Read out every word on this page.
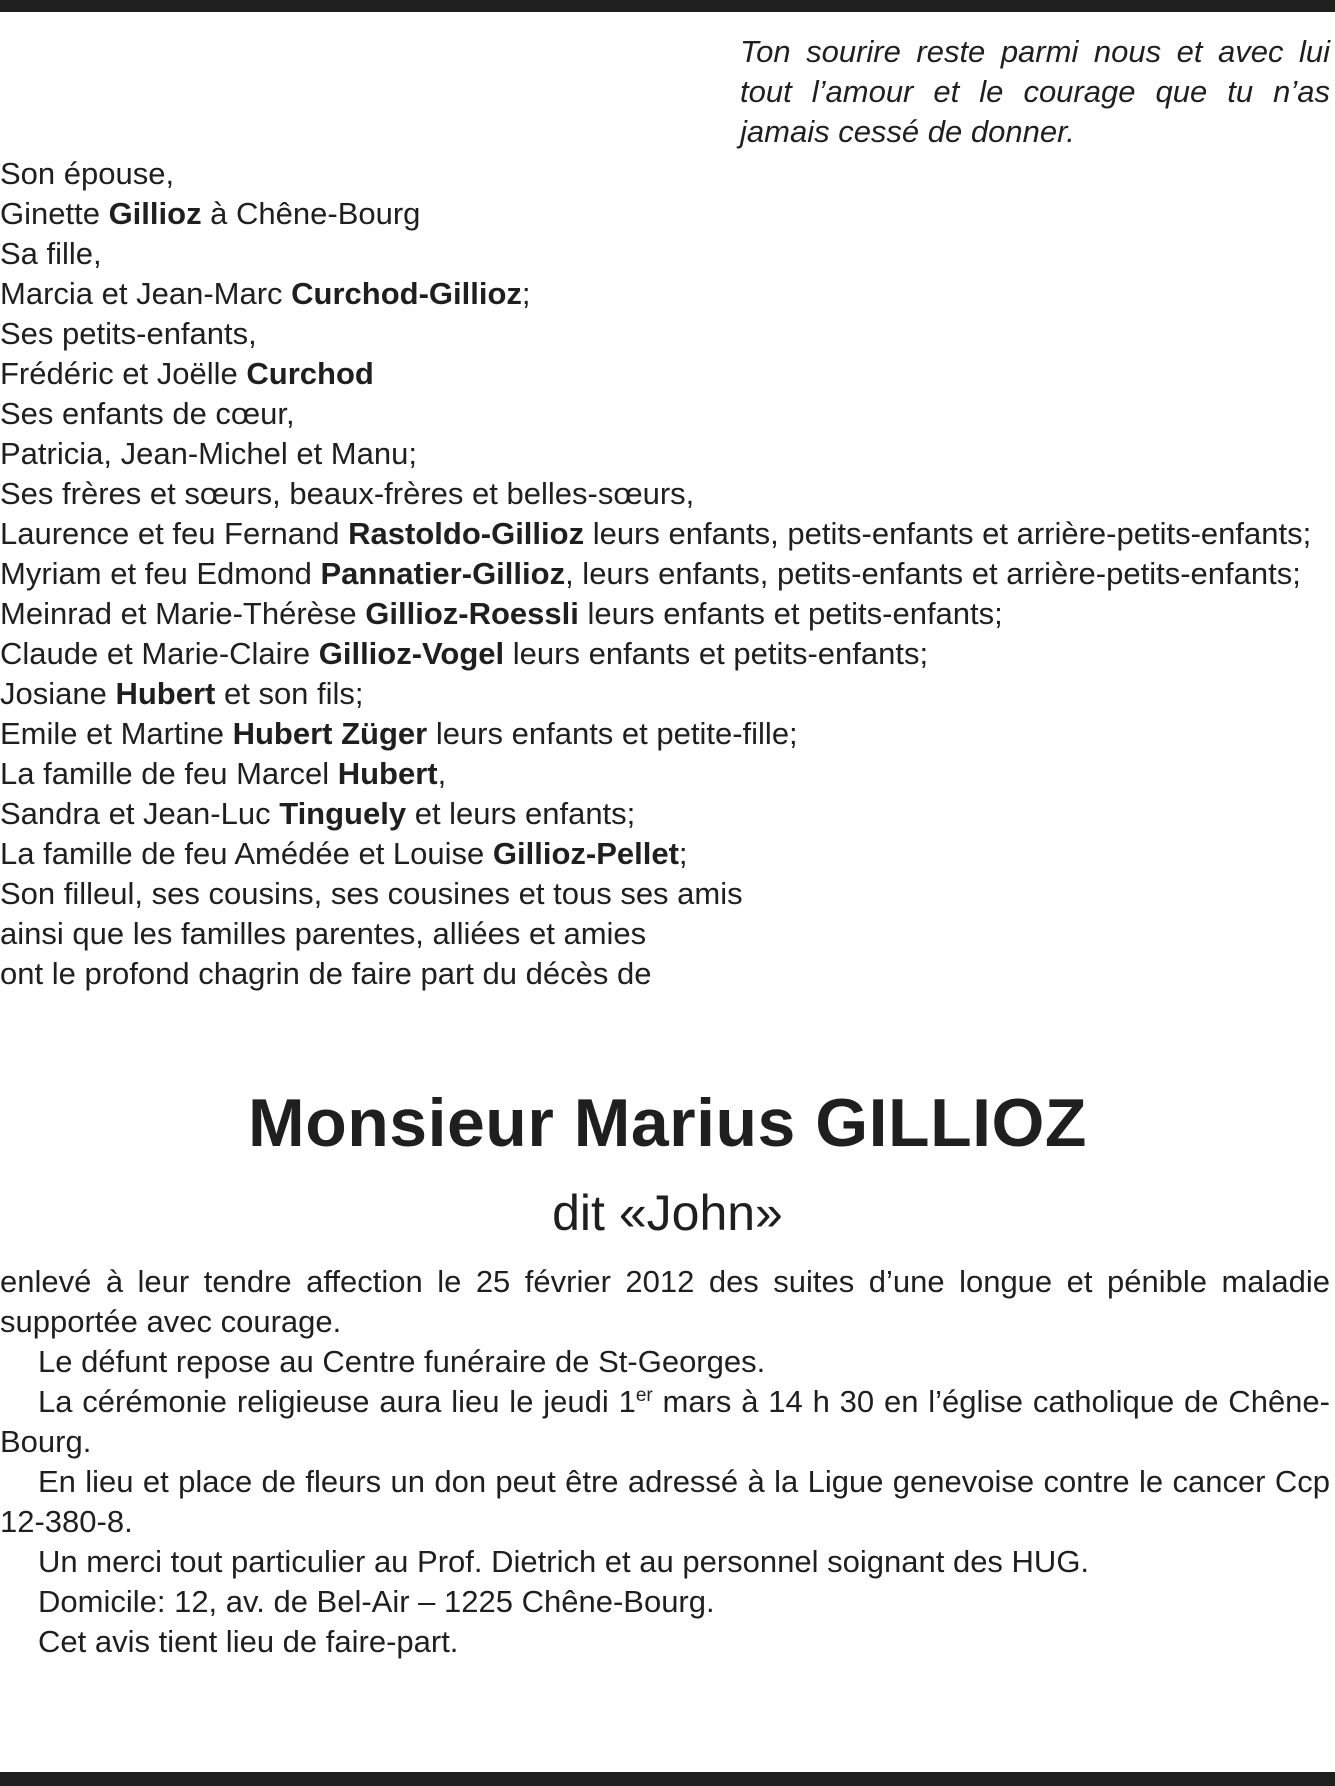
Ton sourire reste parmi nous et avec lui
tout l’amour et le courage que tu n’as
jamais cessé de donner.
Son épouse,
Ginette Gillioz à Chêne-Bourg
Sa fille,
Marcia et Jean-Marc Curchod-Gillioz;
Ses petits-enfants,
Frédéric et Joëlle Curchod
Ses enfants de cœur,
Patricia, Jean-Michel et Manu;
Ses frères et sœurs, beaux-frères et belles-sœurs,
Laurence et feu Fernand Rastoldo-Gillioz leurs enfants, petits-enfants et arrière-petits-enfants;
Myriam et feu Edmond Pannatier-Gillioz, leurs enfants, petits-enfants et arrière-petits-enfants;
Meinrad et Marie-Thérèse Gillioz-Roessli leurs enfants et petits-enfants;
Claude et Marie-Claire Gillioz-Vogel leurs enfants et petits-enfants;
Josiane Hubert et son fils;
Emile et Martine Hubert Züger leurs enfants et petite-fille;
La famille de feu Marcel Hubert,
Sandra et Jean-Luc Tinguely et leurs enfants;
La famille de feu Amédée et Louise Gillioz-Pellet;
Son filleul, ses cousins, ses cousines et tous ses amis
ainsi que les familles parentes, alliées et amies
ont le profond chagrin de faire part du décès de
Monsieur Marius GILLIOZ
dit «John»

enlevé à leur tendre affection le 25 février 2012 des suites d’une longue et pénible maladie supportée avec courage.

Le défunt repose au Centre funéraire de St-Georges.

La cérémonie religieuse aura lieu le jeudi 1er mars à 14 h 30 en l’église catholique de Chêne-Bourg.

En lieu et place de fleurs un don peut être adressé à la Ligue genevoise contre le cancer Ccp 12-380-8.

Un merci tout particulier au Prof. Dietrich et au personnel soignant des HUG.

Domicile: 12, av. de Bel-Air – 1225 Chêne-Bourg.

Cet avis tient lieu de faire-part.
